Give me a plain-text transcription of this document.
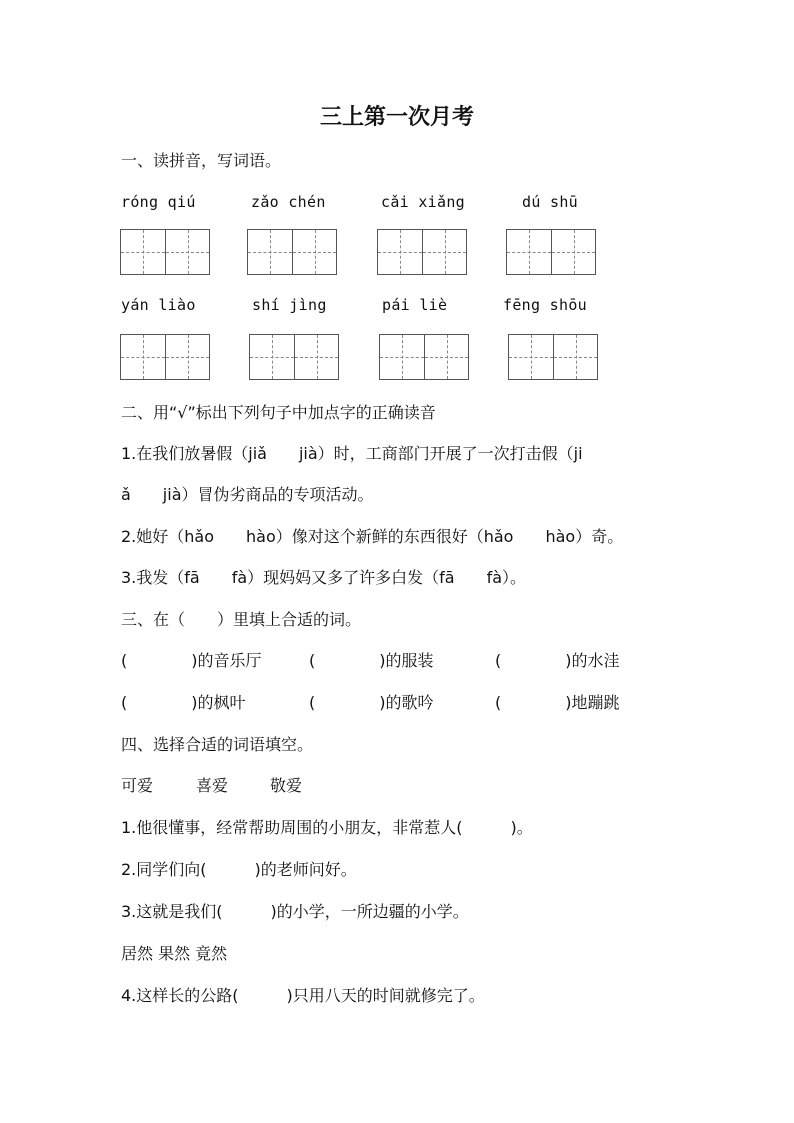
三上第一次月考
一、读拼音，写词语。
róng qiú	zǎo chén	cǎi xiǎng	dú shū
yán liào	shí jìng	pái liè	fēng shōu
二、用“√”标出下列句子中加点字的正确读音
1.在我们放暑假（jiǎ　　jià）时，工商部门开展了一次打击假（ji
ǎ　　jià）冒伪劣商品的专项活动。
2.她好（hǎo　　hào）像对这个新鲜的东西很好（hǎo　　hào）奇。
3.我发（fā　　fà）现妈妈又多了许多白发（fā　　fà）。
三、在（　　）里填上合适的词。
(　　　　)的音乐厅	(　　　　)的服装	(　　　　)的水洼
(　　　　)的枫叶	(　　　　)的歌吟	(　　　　)地蹦跳
四、选择合适的词语填空。
可爱	喜爱	敬爱
1.他很懂事，经常帮助周围的小朋友，非常惹人(　　　)。
2.同学们向(　　　)的老师问好。
3.这就是我们(　　　)的小学，一所边疆的小学。
居然 果然 竟然
4.这样长的公路(　　　)只用八天的时间就修完了。
